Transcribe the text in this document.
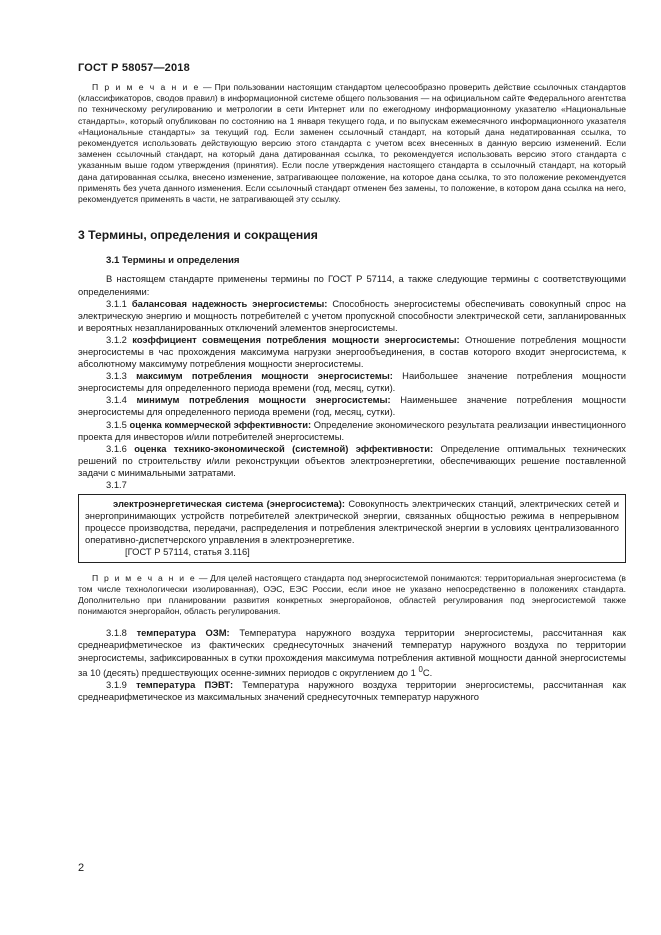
ГОСТ Р 58057—2018

П р и м е ч а н и е — При пользовании настоящим стандартом целесообразно проверить действие ссылочных стандартов (классификаторов, сводов правил) в информационной системе общего пользования — на официальном сайте Федерального агентства по техническому регулированию и метрологии в сети Интернет или по ежегодному информационному указателю «Национальные стандарты», который опубликован по состоянию на 1 января текущего года, и по выпускам ежемесячного информационного указателя «Национальные стандарты» за текущий год. Если заменен ссылочный стандарт, на который дана недатированная ссылка, то рекомендуется использовать действующую версию этого стандарта с учетом всех внесенных в данную версию изменений. Если заменен ссылочный стандарт, на который дана датированная ссылка, то рекомендуется использовать версию этого стандарта с указанным выше годом утверждения (принятия). Если после утверждения настоящего стандарта в ссылочный стандарт, на который дана датированная ссылка, внесено изменение, затрагивающее положение, на которое дана ссылка, то это положение рекомендуется применять без учета данного изменения. Если ссылочный стандарт отменен без замены, то положение, в котором дана ссылка на него, рекомендуется применять в части, не затрагивающей эту ссылку.

3 Термины, определения и сокращения

3.1 Термины и определения

В настоящем стандарте применены термины по ГОСТ Р 57114, а также следующие термины с соответствующими определениями:

3.1.1 балансовая надежность энергосистемы: Способность энергосистемы обеспечивать совокупный спрос на электрическую энергию и мощность потребителей с учетом пропускной способности электрической сети, запланированных и вероятных незапланированных отключений элементов энергосистемы.

3.1.2 коэффициент совмещения потребления мощности энергосистемы: Отношение потребления мощности энергосистемы в час прохождения максимума нагрузки энергообъединения, в состав которого входит энергосистема, к абсолютному максимуму потребления мощности энергосистемы.

3.1.3 максимум потребления мощности энергосистемы: Наибольшее значение потребления мощности энергосистемы для определенного периода времени (год, месяц, сутки).

3.1.4 минимум потребления мощности энергосистемы: Наименьшее значение потребления мощности энергосистемы для определенного периода времени (год, месяц, сутки).

3.1.5 оценка коммерческой эффективности: Определение экономического результата реализации инвестиционного проекта для инвесторов и/или потребителей энергосистемы.

3.1.6 оценка технико-экономической (системной) эффективности: Определение оптимальных технических решений по строительству и/или реконструкции объектов электроэнергетики, обеспечивающих решение поставленной задачи с минимальными затратами.

3.1.7

электроэнергетическая система (энергосистема): Совокупность электрических станций, электрических сетей и энергопринимающих устройств потребителей электрической энергии, связанных общностью режима в непрерывном процессе производства, передачи, распределения и потребления электрической энергии в условиях централизованного оперативно-диспетчерского управления в электроэнергетике.

[ГОСТ Р 57114, статья 3.116]

П р и м е ч а н и е — Для целей настоящего стандарта под энергосистемой понимаются: территориальная энергосистема (в том числе технологически изолированная), ОЭС, ЕЭС России, если иное не указано непосредственно в положениях стандарта. Дополнительно при планировании развития конкретных энергорайонов, областей регулирования под энергосистемой также понимаются энергорайон, область регулирования.

3.1.8 температура ОЗМ: Температура наружного воздуха территории энергосистемы, рассчитанная как среднеарифметическое из фактических среднесуточных значений температур наружного воздуха по территории энергосистемы, зафиксированных в сутки прохождения максимума потребления активной мощности данной энергосистемы за 10 (десять) предшествующих осенне-зимних периодов с округлением до 1 $^0$С.

3.1.9 температура ПЭВТ: Температура наружного воздуха территории энергосистемы, рассчитанная как среднеарифметическое из максимальных значений среднесуточных температур наружного

2
